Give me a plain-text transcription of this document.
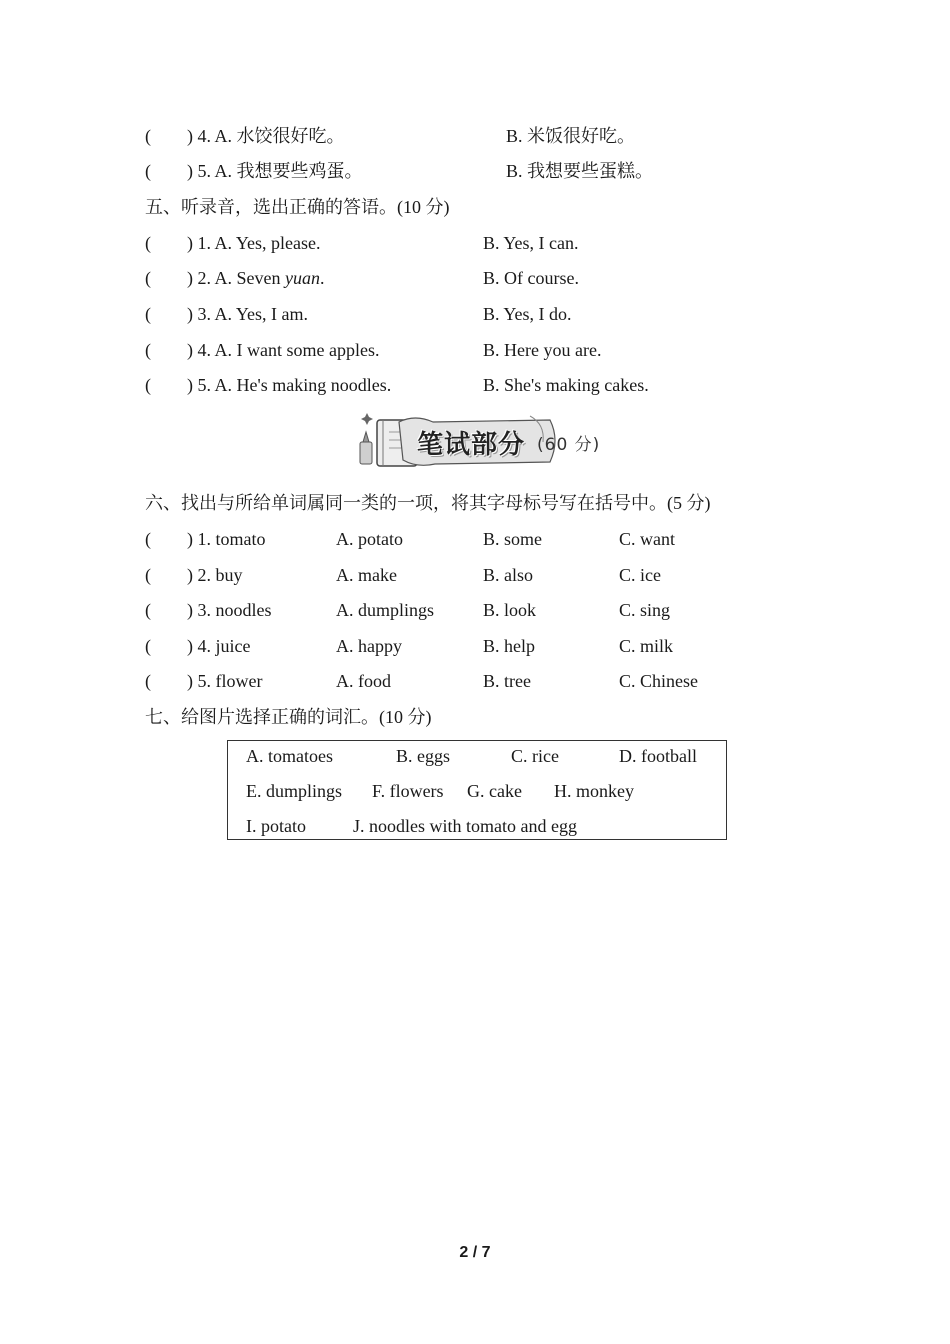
( ) 4. A. 水饺很好吃。	B. 米饭很好吃。
( ) 5. A. 我想要些鸡蛋。	B. 我想要些蛋糕。
五、听录音，选出正确的答语。(10 分)
( ) 1. A. Yes, please.	B. Yes, I can.
( ) 2. A. Seven yuan.	B. Of course.
( ) 3. A. Yes, I am.	B. Yes, I do.
( ) 4. A. I want some apples.	B. Here you are.
( ) 5. A. He's making noodles.	B. She's making cakes.
笔试部分 (60 分)
六、找出与所给单词属同一类的一项，将其字母标号写在括号中。(5 分)
( ) 1. tomato	A. potato	B. some	C. want
( ) 2. buy	A. make	B. also	C. ice
( ) 3. noodles	A. dumplings	B. look	C. sing
( ) 4. juice	A. happy	B. help	C. milk
( ) 5. flower	A. food	B. tree	C. Chinese
七、给图片选择正确的词汇。(10 分)
A. tomatoes	B. eggs	C. rice	D. football
E. dumplings F. flowers G. cake H. monkey
I. potato	J. noodles with tomato and egg
2 / 7
